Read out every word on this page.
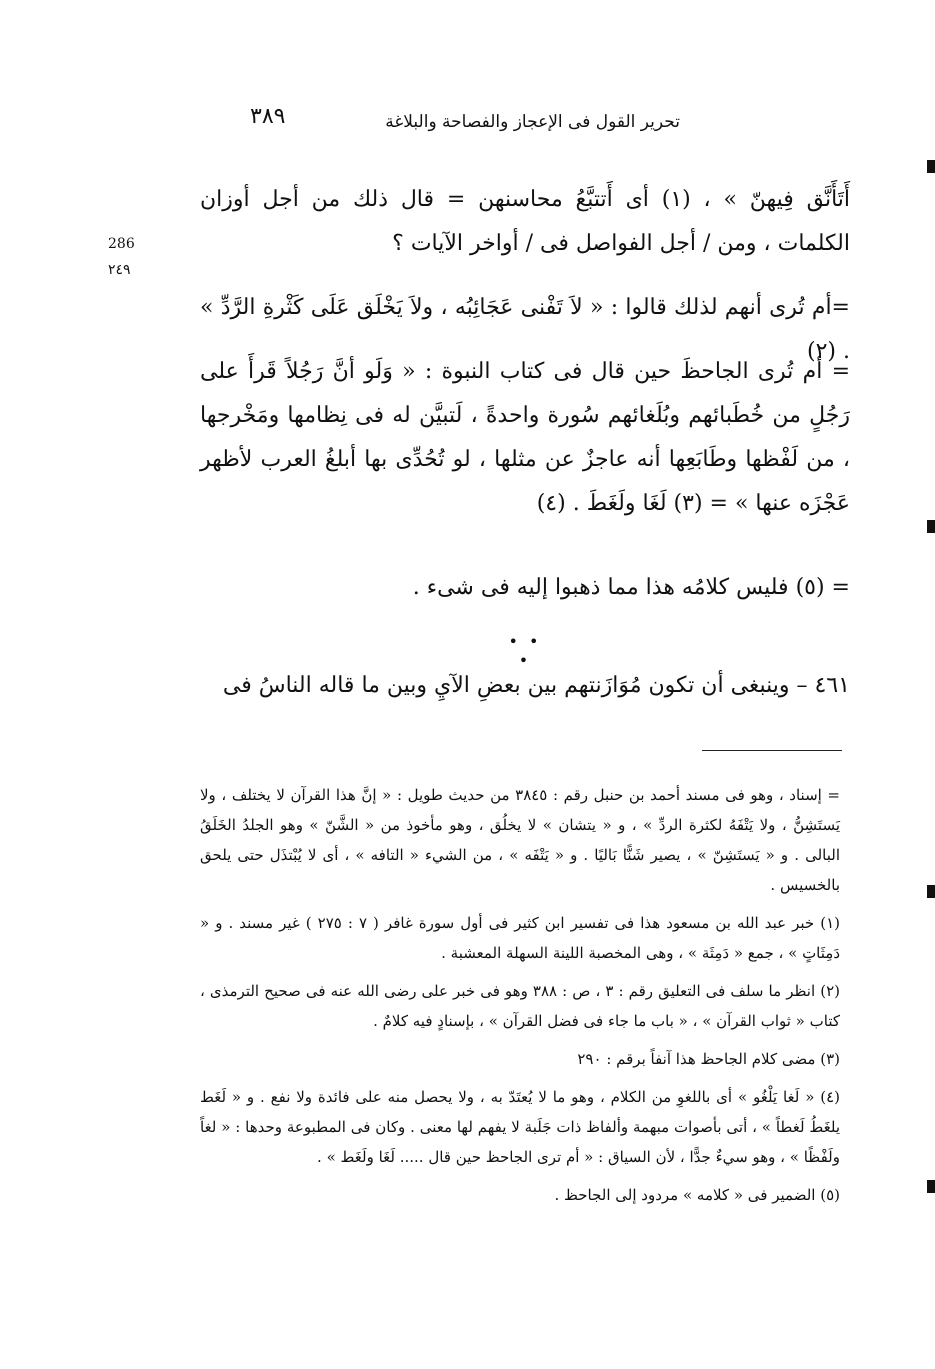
تحرير القول فى الإعجاز والفصاحة والبلاغة
٣٨٩
286
٢٤٩

أَتَأَنَّق فِيهنّ » ، (١) أى أَتتبَّعُ محاسنهن = قال ذلك من أجل أوزان الكلمات ، ومن / أجل الفواصل فى / أواخر الآيات ؟

=أم تُرى أنهم لذلك قالوا : « لاَ تَفْنى عَجَائِبُه ، ولاَ يَخْلَق عَلَى كَثْرةِ الرَّدِّ » . (٢)

= أم تُرى الجاحظَ حين قال فى كتاب النبوة : « وَلَو أنَّ رَجُلاً قَرأَ على رَجُلٍ من خُطَبائهم وبُلَغائهم سُورة واحدةً ، لَتبيَّن له فى نِظامها ومَخْرجها ، من لَفْظها وطَابَعِها أنه عاجزٌ عن مثلها ، لو تُحُدِّى بها أبلغُ العرب لأظهر عَجْزَه عنها » = (٣) لَغَا ولَغَطَ . (٤)

= (٥) فليس كلامُه هذا مما ذهبوا إليه فى شىء .

• • •

٤٦١ – وينبغى أن تكون مُوَازَنتهم بين بعضِ الآيِ وبين ما قاله الناسُ فى

= إسناد ، وهو فى مسند أحمد بن حنبل رقم : ٣٨٤٥ من حديث طويل : « إنَّ هذا القرآن لا يختلف ، ولا يَستَشِنُّ ، ولا يَتْفَهُ لكثرة الردِّ » ، و « يتشان » لا يخلُق ، وهو مأخوذ من « الشَّنّ » وهو الجلدُ الخَلَقُ البالى . و « يَستَشِنّ » ، يصير شَنًّا بَاليًا . و « يَتْفَه » ، من الشيء « التافه » ، أى لا يُبْتذَل حتى يلحق بالخسيس .

(١) خبر عبد الله بن مسعود هذا فى تفسير ابن كثير فى أول سورة غافر ( ٧ : ٢٧٥ ) غير مسند . و « دَمِثَاتٍ » ، جمع « دَمِثَة » ، وهى المخصبة اللينة السهلة المعشبة .

(٢) انظر ما سلف فى التعليق رقم : ٣ ، ص : ٣٨٨ وهو فى خبر على رضى الله عنه فى صحيح الترمذى ، كتاب « ثواب القرآن » ، « باب ما جاء فى فضل القرآن » ، بإسنادٍ فيه كلامٌ .

(٣) مضى كلام الجاحظ هذا آنفاً برقم : ٢٩٠

(٤) « لَغا يَلْغُو » أى باللغوِ من الكلام ، وهو ما لا يُعتَدّ به ، ولا يحصل منه على فائدة ولا نفع . و « لَغَط يلغَطُ لَغطاً » ، أتى بأصوات مبهمة وألفاظ ذات جَلَبة لا يفهم لها معنى . وكان فى المطبوعة وحدها : « لغاً ولَفْظًا » ، وهو سيءٌ جدًّا ، لأن السياق : « أم ترى الجاحظ حين قال ..... لَغَا ولَغَط » .

(٥) الضمير فى « كلامه » مردود إلى الجاحظ .
